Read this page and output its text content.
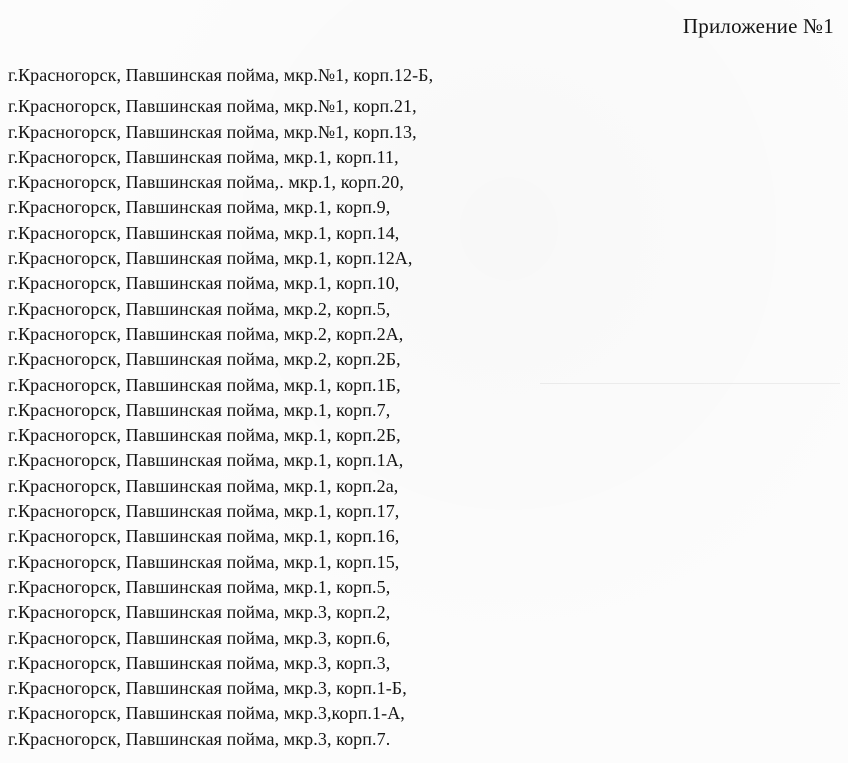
Приложение №1
г.Красногорск, Павшинская пойма, мкр.№1, корп.12-Б,
г.Красногорск, Павшинская пойма, мкр.№1, корп.21,
г.Красногорск, Павшинская пойма, мкр.№1, корп.13,
г.Красногорск, Павшинская пойма, мкр.1, корп.11,
г.Красногорск, Павшинская пойма,. мкр.1, корп.20,
г.Красногорск, Павшинская пойма, мкр.1, корп.9,
г.Красногорск, Павшинская пойма, мкр.1, корп.14,
г.Красногорск, Павшинская пойма, мкр.1, корп.12А,
г.Красногорск, Павшинская пойма, мкр.1, корп.10,
г.Красногорск, Павшинская пойма, мкр.2, корп.5,
г.Красногорск, Павшинская пойма, мкр.2, корп.2А,
г.Красногорск, Павшинская пойма, мкр.2, корп.2Б,
г.Красногорск, Павшинская пойма, мкр.1, корп.1Б,
г.Красногорск, Павшинская пойма, мкр.1, корп.7,
г.Красногорск, Павшинская пойма, мкр.1, корп.2Б,
г.Красногорск, Павшинская пойма, мкр.1, корп.1А,
г.Красногорск, Павшинская пойма, мкр.1, корп.2а,
г.Красногорск, Павшинская пойма, мкр.1, корп.17,
г.Красногорск, Павшинская пойма, мкр.1, корп.16,
г.Красногорск, Павшинская пойма, мкр.1, корп.15,
г.Красногорск, Павшинская пойма, мкр.1, корп.5,
г.Красногорск, Павшинская пойма, мкр.3, корп.2,
г.Красногорск, Павшинская пойма, мкр.3, корп.6,
г.Красногорск, Павшинская пойма, мкр.3, корп.3,
г.Красногорск, Павшинская пойма, мкр.3, корп.1-Б,
г.Красногорск, Павшинская пойма, мкр.3,корп.1-А,
г.Красногорск, Павшинская пойма, мкр.3, корп.7.
